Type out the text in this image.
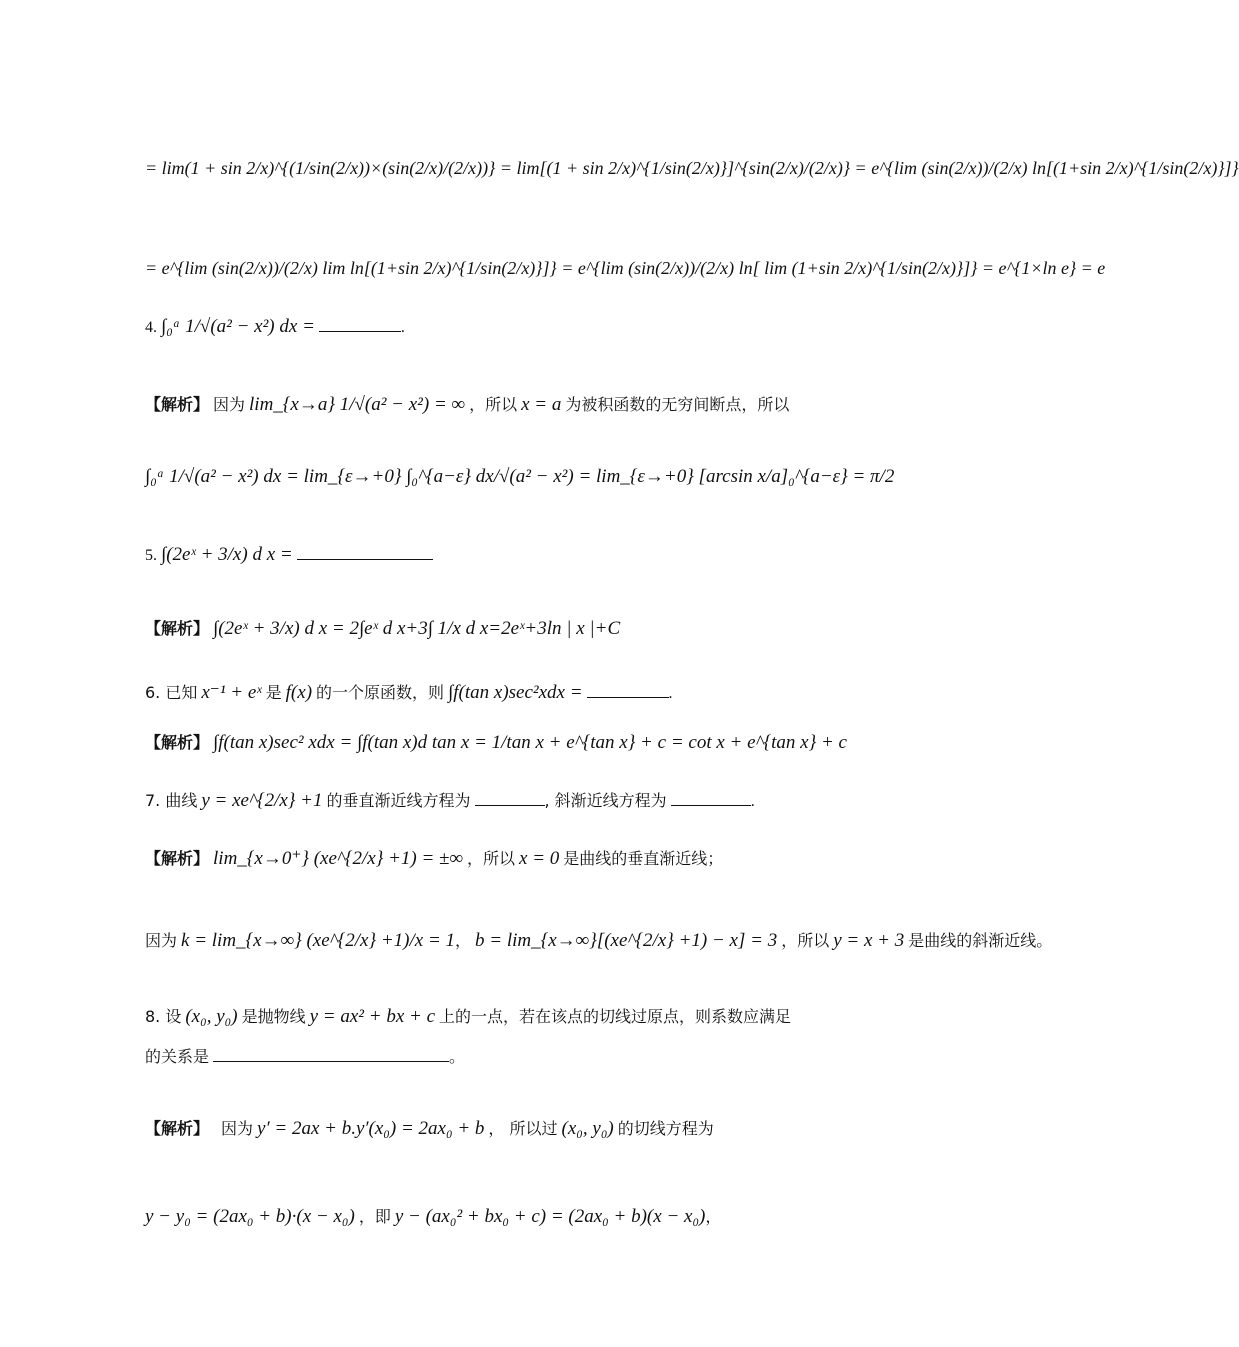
= lim(1 + sin 2/x)^{(1/sin(2/x))×(sin(2/x)/(2/x))} = lim[(1 + sin 2/x)^{1/sin(2/x)}]^{sin(2/x)/(2/x)} = e^{lim (sin(2/x))/(2/x) ln[(1+sin 2/x)^{1/sin(2/x)}]}
= e^{lim (sin(2/x))/(2/x) lim ln[(1+sin 2/x)^{1/sin(2/x)}]} = e^{lim (sin(2/x))/(2/x) ln[ lim (1+sin 2/x)^{1/sin(2/x)}]} = e^{1×ln e} = e
4. ∫₀ᵃ 1/√(a² − x²) dx =	.
【解析】 因为 lim_{x→a} 1/√(a² − x²) = ∞ ，所以 x = a 为被积函数的无穷间断点，所以
∫₀ᵃ 1/√(a² − x²) dx = lim_{ε→+0} ∫₀^{a−ε} dx/√(a² − x²) = lim_{ε→+0} [arcsin x/a]₀^{a−ε} = π/2
5. ∫(2eˣ + 3/x) d x =
【解析】 ∫(2eˣ + 3/x) d x = 2∫eˣ d x+3∫ 1/x d x=2eˣ+3ln | x |+C
6. 已知 x⁻¹ + eˣ 是 f(x) 的一个原函数，则 ∫f(tan x)sec²xdx =	.
【解析】 ∫f(tan x)sec² xdx = ∫f(tan x)d tan x = 1/tan x + e^{tan x} + c = cot x + e^{tan x} + c
7. 曲线 y = xe^{2/x} +1 的垂直渐近线方程为	, 斜渐近线方程为	.
【解析】 lim_{x→0⁺} (xe^{2/x} +1) = ±∞ ，所以 x = 0 是曲线的垂直渐近线；
因为 k = lim_{x→∞} (xe^{2/x} +1)/x = 1， b = lim_{x→∞}[(xe^{2/x} +1) − x] = 3 ，所以 y = x + 3 是曲线的斜渐近线。
8. 设 (x₀, y₀) 是抛物线 y = ax² + bx + c 上的一点，若在该点的切线过原点，则系数应满足
的关系是	。
【解析】 因为 y′ = 2ax + b.y′(x₀) = 2ax₀ + b ， 所以过 (x₀, y₀) 的切线方程为
y − y₀ = (2ax₀ + b)·(x − x₀) ，即 y − (ax₀² + bx₀ + c) = (2ax₀ + b)(x − x₀)，
